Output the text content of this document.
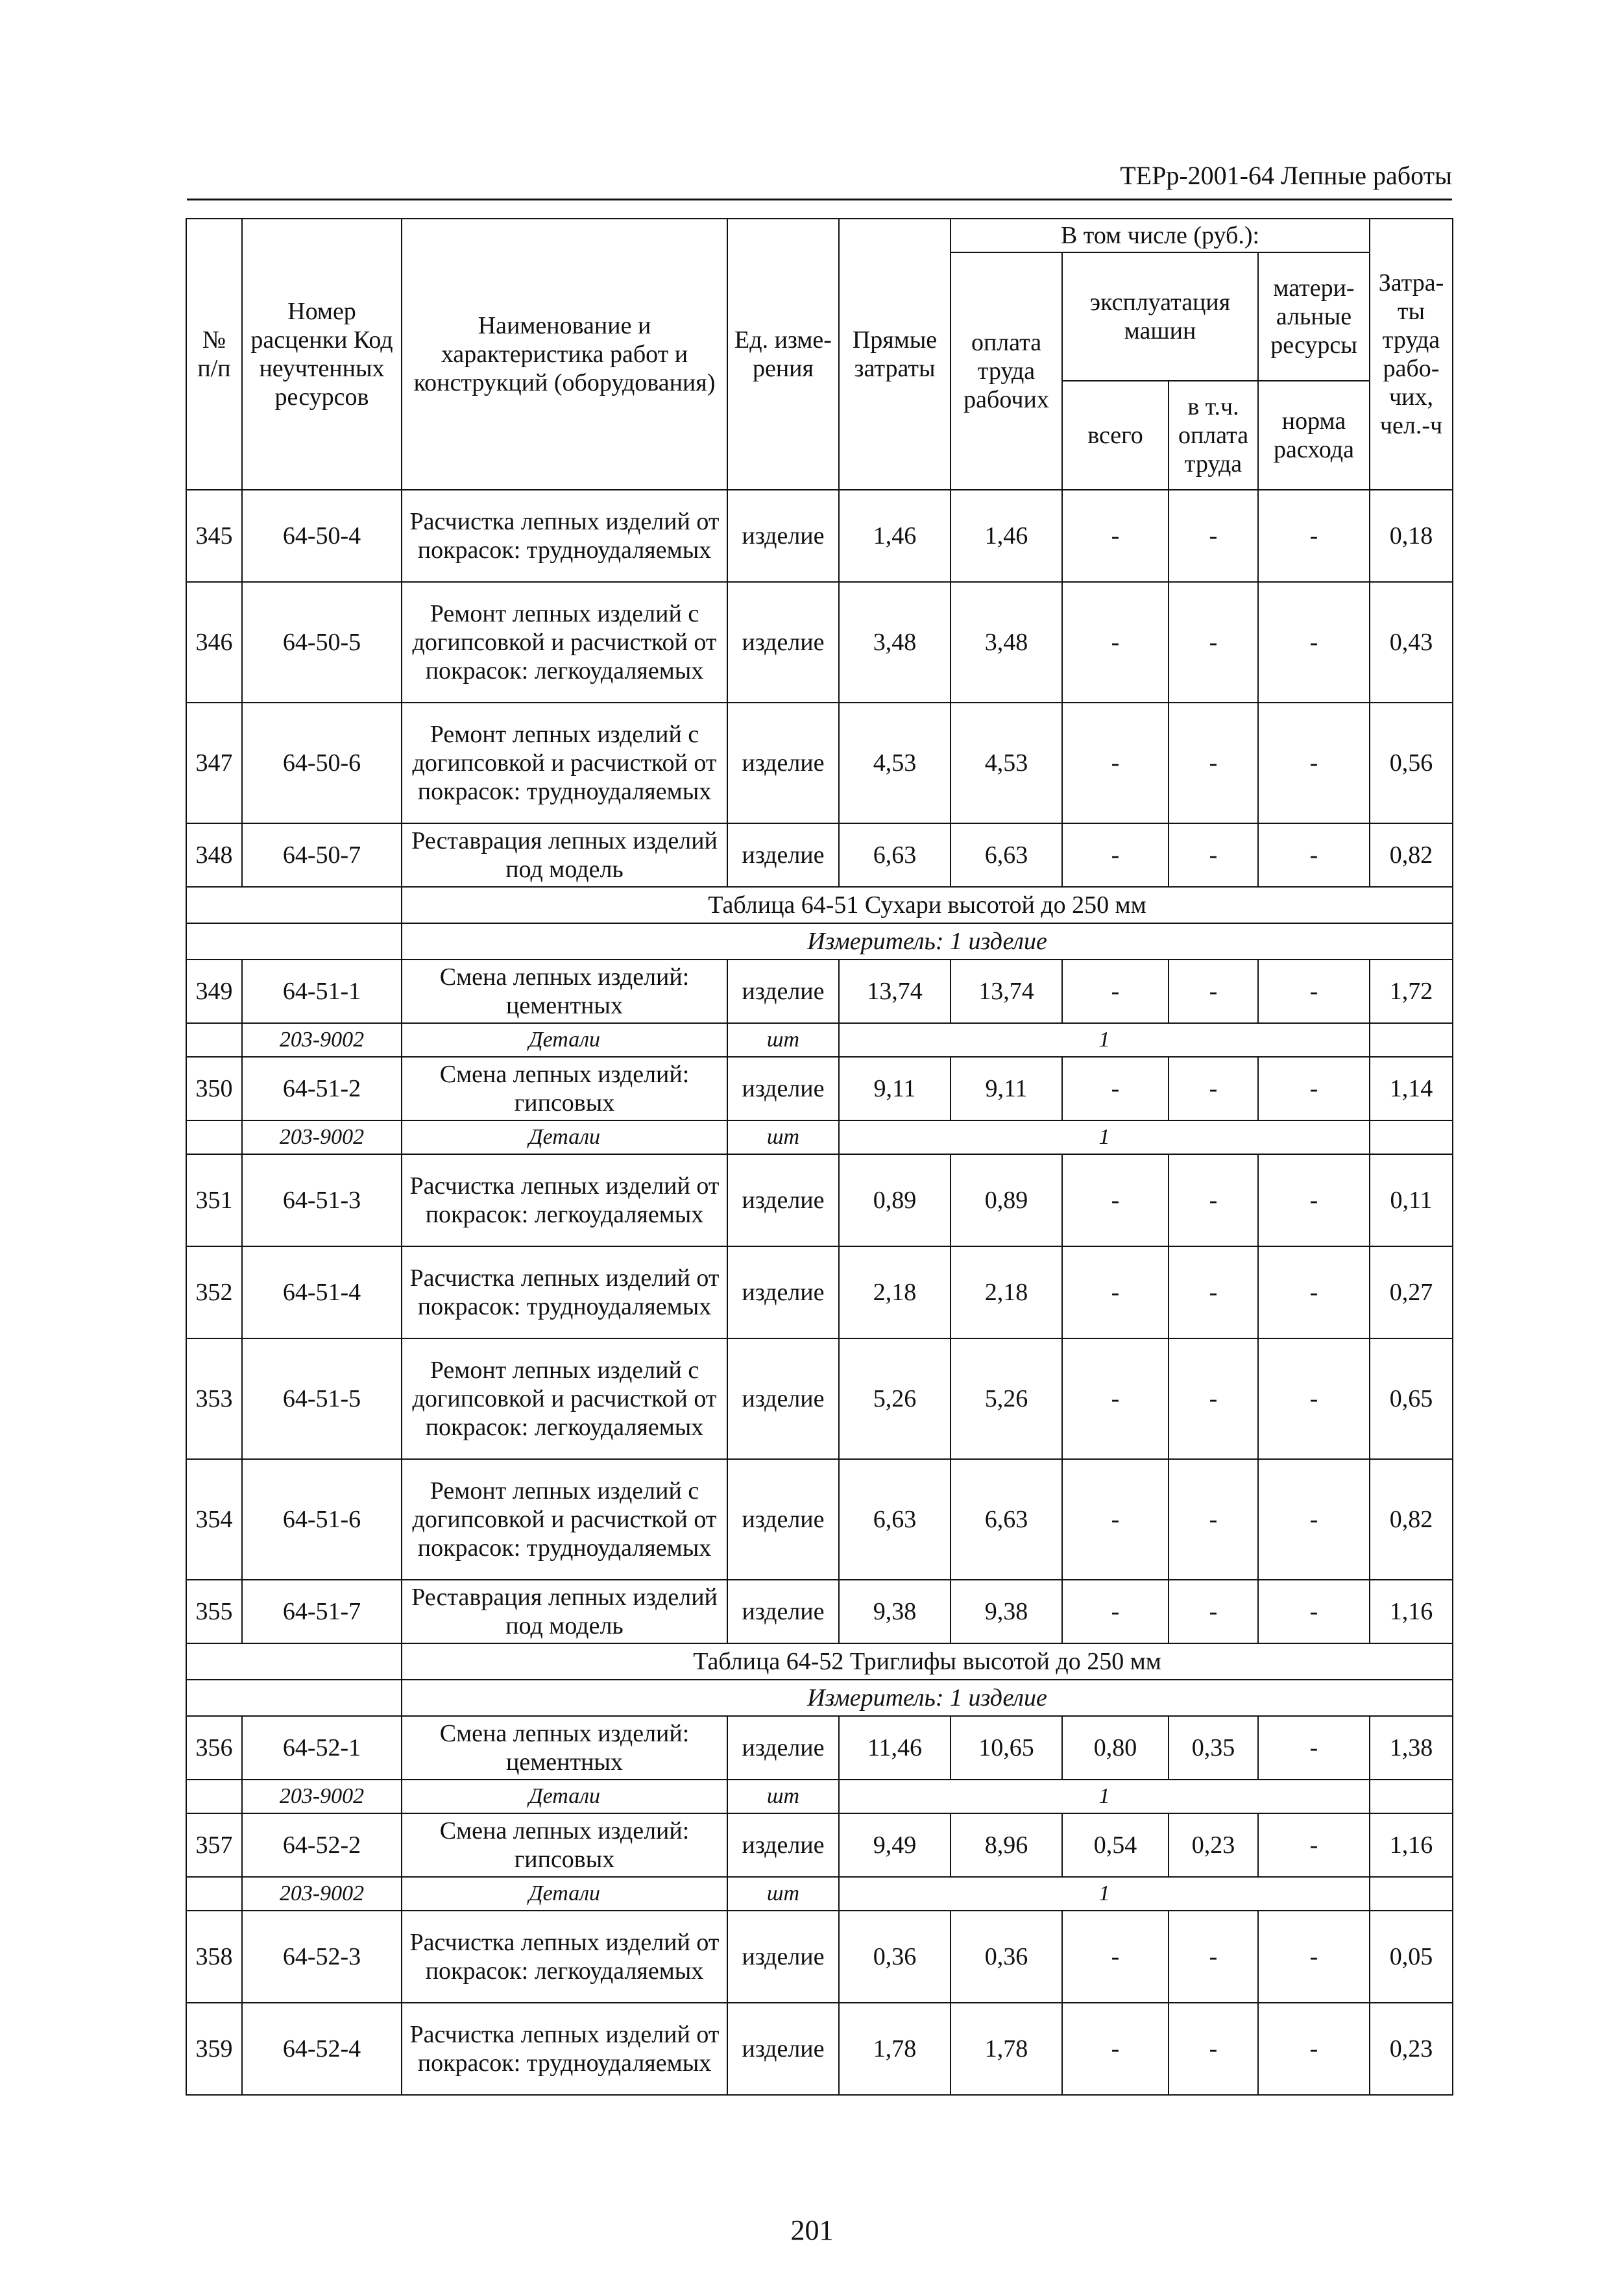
ТЕРр-2001-64 Лепные работы
№ п/п	Номер расценки Код неучтенных ресурсов	Наименование и характеристика работ и конструкций (оборудования)	Ед. изме-рения	Прямые затраты	В том числе (руб.):				Затра-ты труда рабо-чих, чел.-ч
					оплата труда рабочих	эксплуатация машин		матери-альные ресурсы	
						всего	в т.ч. оплата труда	норма расхода	
345	64-50-4	Расчистка лепных изделий от покрасок: трудноудаляемых	изделие	1,46	1,46	-	-	-	0,18
346	64-50-5	Ремонт лепных изделий с догипсовкой и расчисткой от покрасок: легкоудаляемых	изделие	3,48	3,48	-	-	-	0,43
347	64-50-6	Ремонт лепных изделий с догипсовкой и расчисткой от покрасок: трудноудаляемых	изделие	4,53	4,53	-	-	-	0,56
348	64-50-7	Реставрация лепных изделий под модель	изделие	6,63	6,63	-	-	-	0,82
		Таблица 64-51 Сухари высотой до 250 мм							
		Измеритель: 1 изделие							
349	64-51-1	Смена лепных изделий: цементных	изделие	13,74	13,74	-	-	-	1,72
	203-9002	Детали	шт	1					
350	64-51-2	Смена лепных изделий: гипсовых	изделие	9,11	9,11	-	-	-	1,14
	203-9002	Детали	шт	1					
351	64-51-3	Расчистка лепных изделий от покрасок: легкоудаляемых	изделие	0,89	0,89	-	-	-	0,11
352	64-51-4	Расчистка лепных изделий от покрасок: трудноудаляемых	изделие	2,18	2,18	-	-	-	0,27
353	64-51-5	Ремонт лепных изделий с догипсовкой и расчисткой от покрасок: легкоудаляемых	изделие	5,26	5,26	-	-	-	0,65
354	64-51-6	Ремонт лепных изделий с догипсовкой и расчисткой от покрасок: трудноудаляемых	изделие	6,63	6,63	-	-	-	0,82
355	64-51-7	Реставрация лепных изделий под модель	изделие	9,38	9,38	-	-	-	1,16
		Таблица 64-52 Триглифы высотой до 250 мм							
		Измеритель: 1 изделие							
356	64-52-1	Смена лепных изделий: цементных	изделие	11,46	10,65	0,80	0,35	-	1,38
	203-9002	Детали	шт	1					
357	64-52-2	Смена лепных изделий: гипсовых	изделие	9,49	8,96	0,54	0,23	-	1,16
	203-9002	Детали	шт	1					
358	64-52-3	Расчистка лепных изделий от покрасок: легкоудаляемых	изделие	0,36	0,36	-	-	-	0,05
359	64-52-4	Расчистка лепных изделий от покрасок: трудноудаляемых	изделие	1,78	1,78	-	-	-	0,23
201
